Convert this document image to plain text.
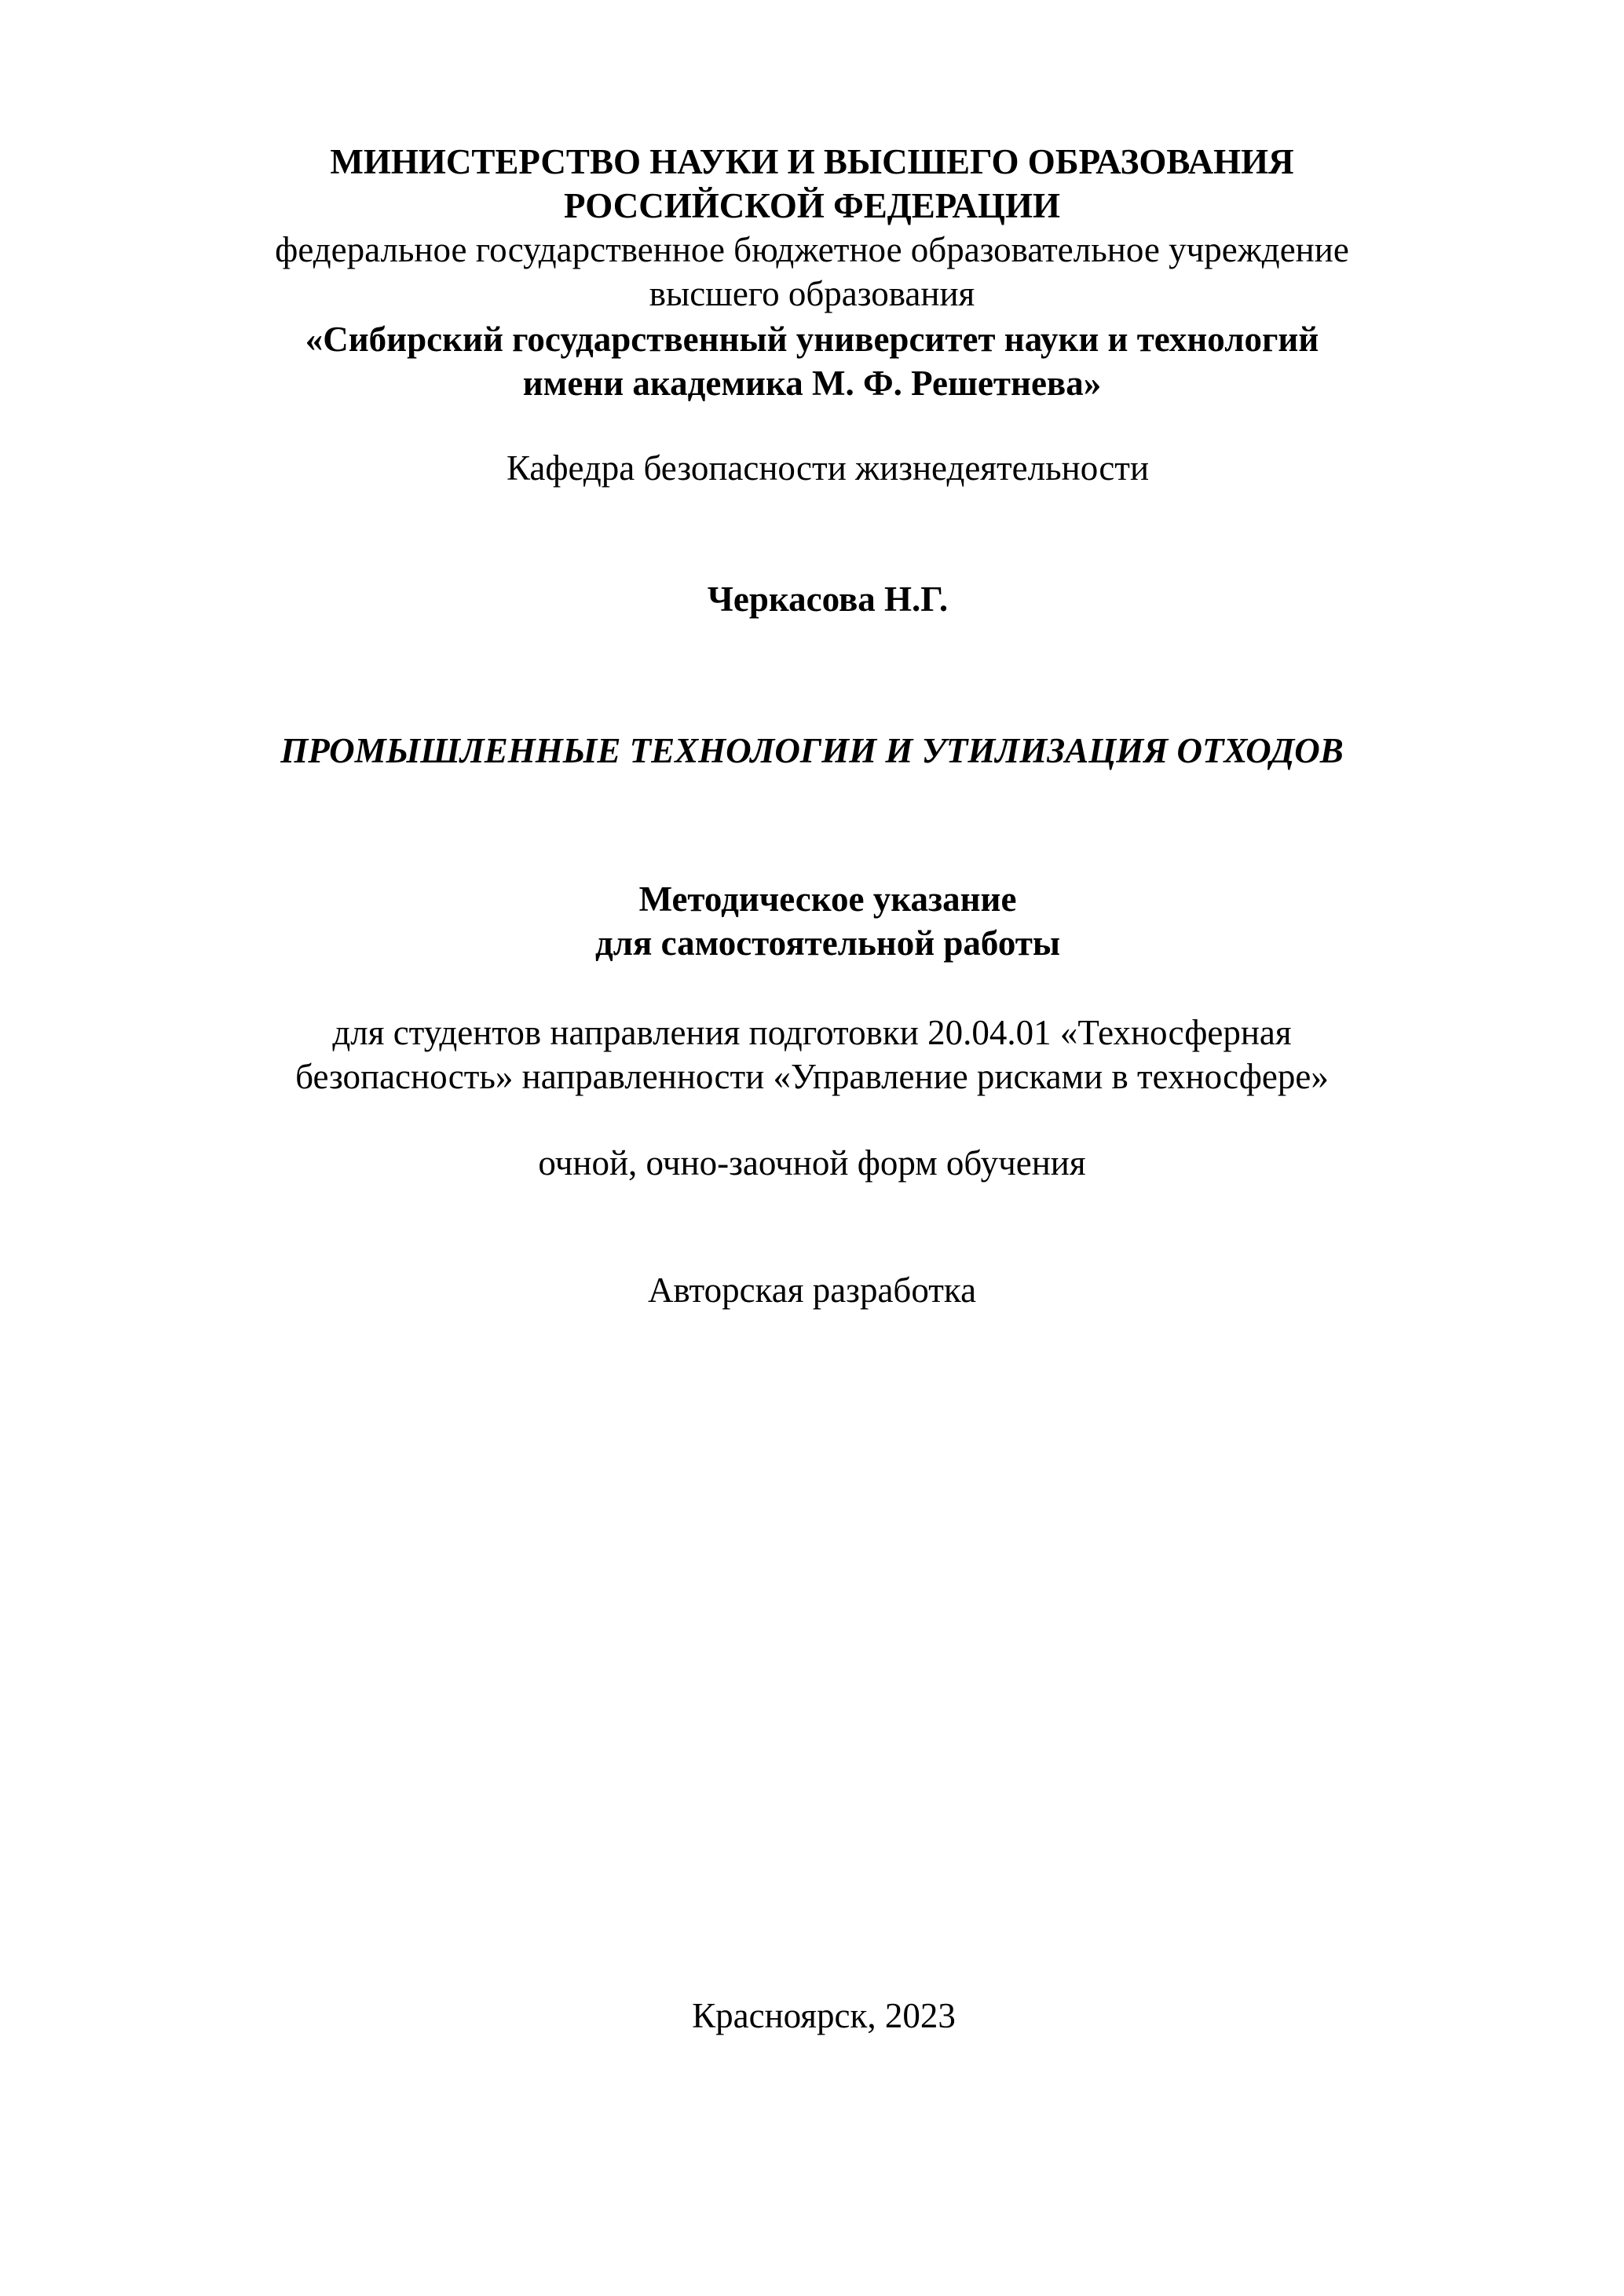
МИНИСТЕРСТВО НАУКИ И ВЫСШЕГО ОБРАЗОВАНИЯ
РОССИЙСКОЙ ФЕДЕРАЦИИ
федеральное государственное бюджетное образовательное учреждение
высшего образования
«Сибирский государственный университет науки и технологий
имени академика М. Ф. Решетнева»
Кафедра безопасности жизнедеятельности
Черкасова Н.Г.
ПРОМЫШЛЕННЫЕ ТЕХНОЛОГИИ И УТИЛИЗАЦИЯ ОТХОДОВ
Методическое указание
для самостоятельной работы
для студентов направления подготовки 20.04.01 «Техносферная
безопасность» направленности «Управление рисками в техносфере»
очной, очно-заочной форм обучения
Авторская разработка
Красноярск, 2023
